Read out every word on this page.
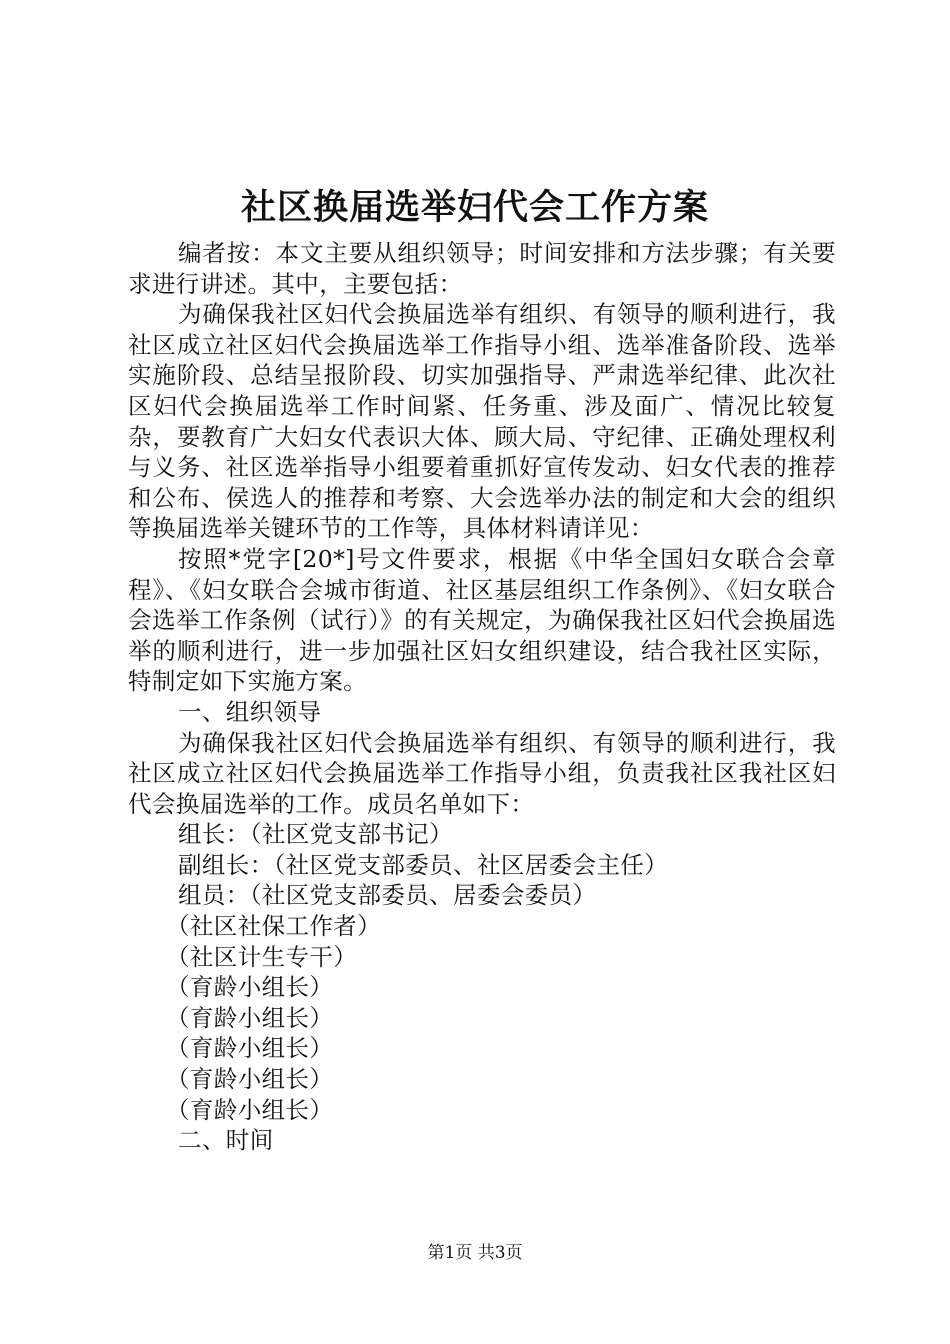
社区换届选举妇代会工作方案

编者按：本文主要从组织领导；时间安排和方法步骤；有关要求进行讲述。其中，主要包括：

为确保我社区妇代会换届选举有组织、有领导的顺利进行，我社区成立社区妇代会换届选举工作指导小组、选举准备阶段、选举实施阶段、总结呈报阶段、切实加强指导、严肃选举纪律、此次社区妇代会换届选举工作时间紧、任务重、涉及面广、情况比较复杂，要教育广大妇女代表识大体、顾大局、守纪律、正确处理权利与义务、社区选举指导小组要着重抓好宣传发动、妇女代表的推荐和公布、侯选人的推荐和考察、大会选举办法的制定和大会的组织等换届选举关键环节的工作等，具体材料请详见：

按照*党字[20*]号文件要求，根据《中华全国妇女联合会章程》、《妇女联合会城市街道、社区基层组织工作条例》、《妇女联合会选举工作条例（试行）》的有关规定，为确保我社区妇代会换届选举的顺利进行，进一步加强社区妇女组织建设，结合我社区实际，特制定如下实施方案。

一、组织领导

为确保我社区妇代会换届选举有组织、有领导的顺利进行，我社区成立社区妇代会换届选举工作指导小组，负责我社区我社区妇代会换届选举的工作。成员名单如下：

组长：（社区党支部书记）

副组长：（社区党支部委员、社区居委会主任）

组员：（社区党支部委员、居委会委员）

（社区社保工作者）

（社区计生专干）

（育龄小组长）

（育龄小组长）

（育龄小组长）

（育龄小组长）

（育龄小组长）

二、时间

第1页 共3页
